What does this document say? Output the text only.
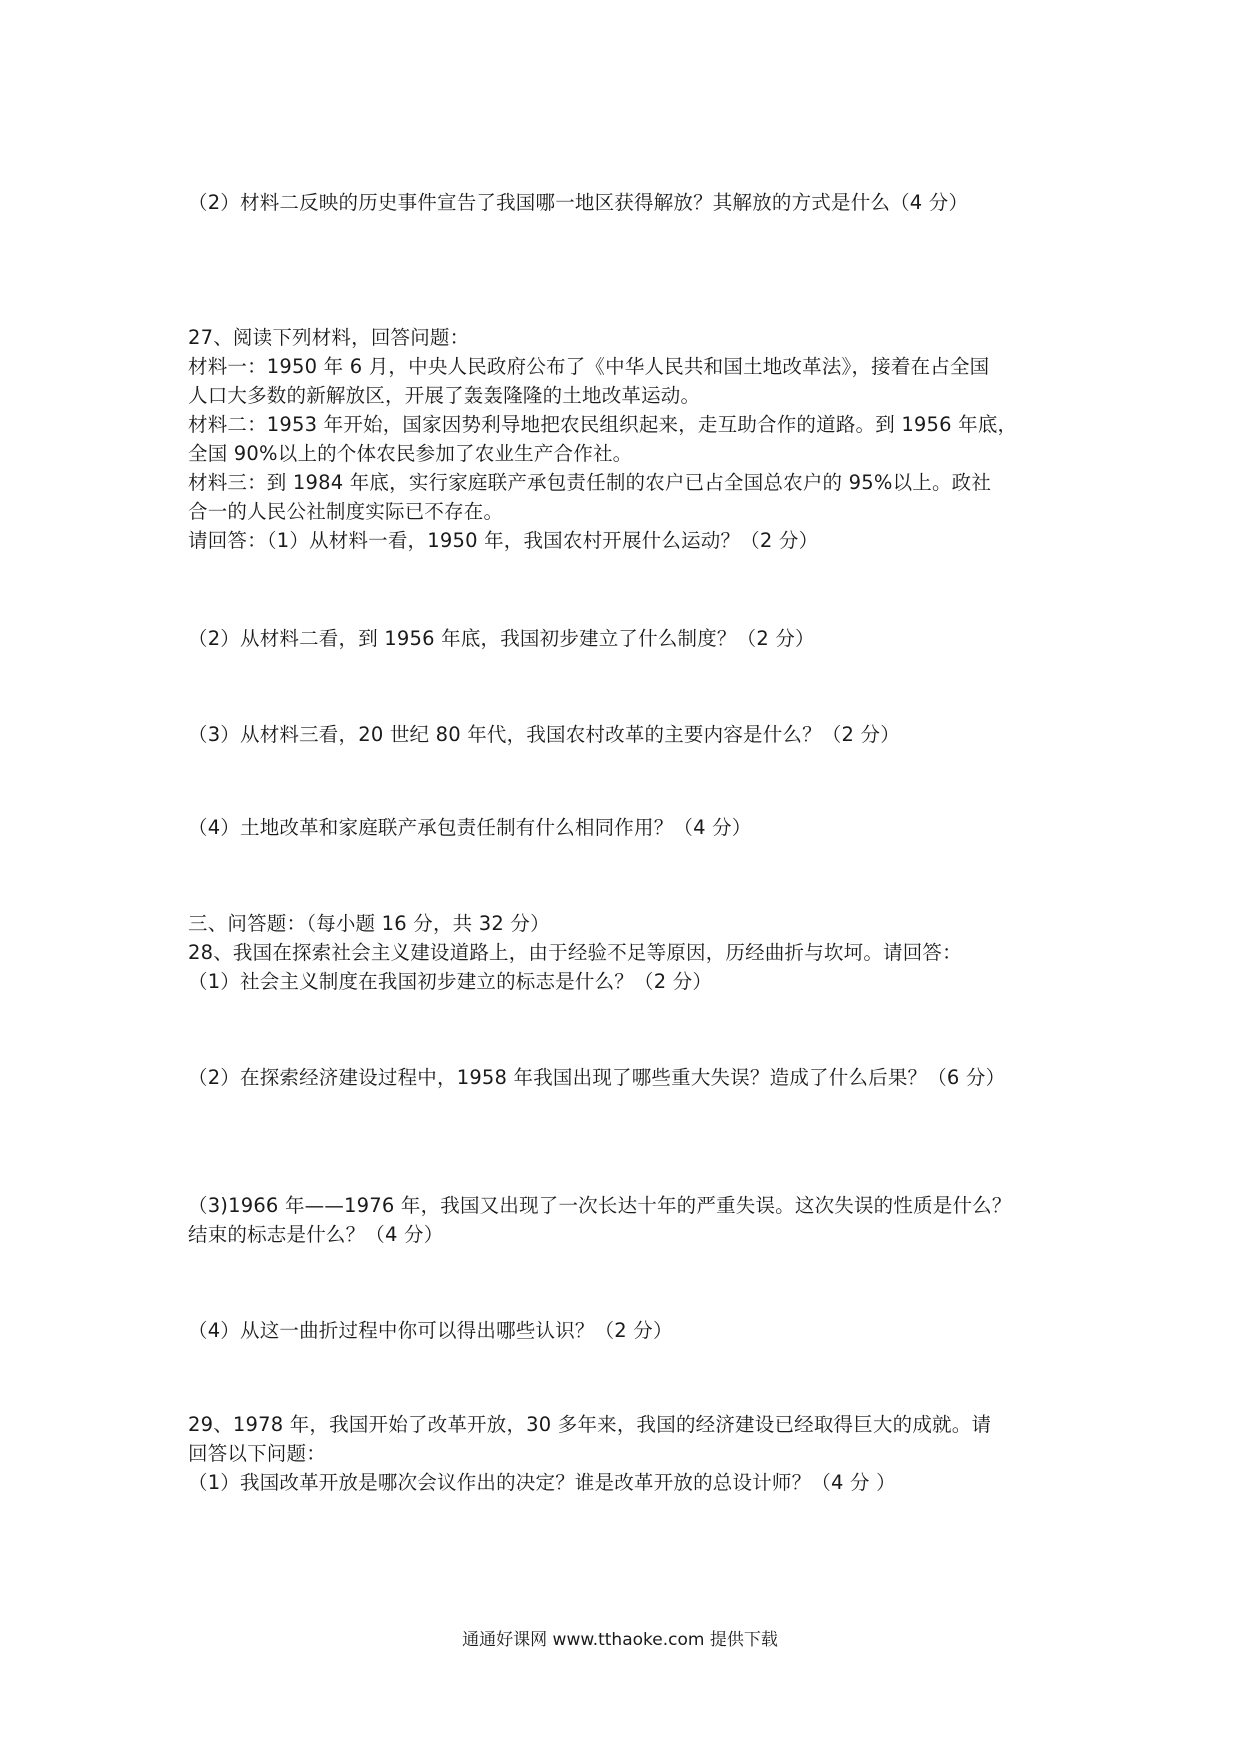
（2）材料二反映的历史事件宣告了我国哪一地区获得解放？其解放的方式是什么（4 分）
27、阅读下列材料，回答问题：
材料一：1950 年 6 月，中央人民政府公布了《中华人民共和国土地改革法》，接着在占全国
人口大多数的新解放区，开展了轰轰隆隆的土地改革运动。
材料二：1953 年开始，国家因势利导地把农民组织起来，走互助合作的道路。到 1956 年底，
全国 90%以上的个体农民参加了农业生产合作社。
材料三：到 1984 年底，实行家庭联产承包责任制的农户已占全国总农户的 95%以上。政社
合一的人民公社制度实际已不存在。
请回答：（1）从材料一看，1950 年，我国农村开展什么运动？（2 分）
（2）从材料二看，到 1956 年底，我国初步建立了什么制度？（2 分）
（3）从材料三看，20 世纪 80 年代，我国农村改革的主要内容是什么？（2 分）
（4）土地改革和家庭联产承包责任制有什么相同作用？（4 分）
三、问答题：（每小题 16 分，共 32 分）
28、我国在探索社会主义建设道路上，由于经验不足等原因，历经曲折与坎坷。请回答：
（1）社会主义制度在我国初步建立的标志是什么？（2 分）
（2）在探索经济建设过程中，1958 年我国出现了哪些重大失误？造成了什么后果？（6 分）
（3)1966 年——1976 年，我国又出现了一次长达十年的严重失误。这次失误的性质是什么？
结束的标志是什么？（4 分）
（4）从这一曲折过程中你可以得出哪些认识？（2 分）
29、1978 年，我国开始了改革开放，30 多年来，我国的经济建设已经取得巨大的成就。请
回答以下问题：
（1）我国改革开放是哪次会议作出的决定？谁是改革开放的总设计师？（4 分 ）
通通好课网 www.tthaoke.com 提供下载
